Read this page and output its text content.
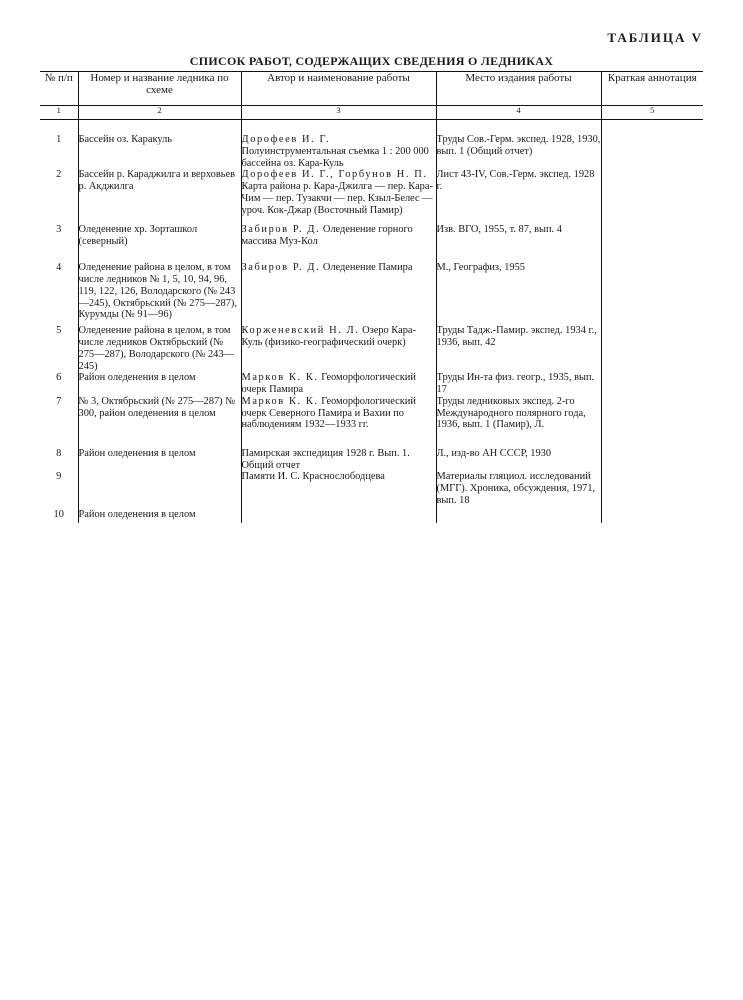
ТАБЛИЦА V
СПИСОК РАБОТ, СОДЕРЖАЩИХ СВЕДЕНИЯ О ЛЕДНИКАХ
№ п/п	Номер и название ледника по схеме	Автор и наименование работы	Место издания работы	Краткая аннотация
1	2	3	4	5

1	Бассейн оз. Каракуль	Дорофеев И. Г. Полуинструментальная съемка 1 : 200 000 бассейна оз. Кара-Куль	Труды Сов.-Герм. экспед. 1928, 1930, вып. 1 (Общий отчет)	
2	Бассейн р. Караджилга и верховьев р. Акджилга	Дорофеев И. Г., Горбунов Н. П. Карта района р. Кара-Джилга — пер. Кара-Чим — пер. Тузакчи — пер. Кзыл-Белес — уроч. Кок-Джар (Восточный Памир)	Лист 43-IV, Сов.-Герм. экспед. 1928 г.	
3	Оледенение хр. Зорташкол (северный)	Забиров Р. Д. Оледенение горного массива Муз-Кол	Изв. ВГО, 1955, т. 87, вып. 4	
4	Оледенение района в целом, в том числе ледников № 1, 5, 10, 94, 96, 119, 122, 126, Володарского (№ 243—245), Октябрьский (№ 275—287), Курумды (№ 91—96)	Забиров Р. Д. Оледенение Памира	М., Географиз, 1955	
5	Оледенение района в целом, в том числе ледников Октябрьский (№ 275—287), Володарского (№ 243—245)	Корженевский Н. Л. Озеро Кара-Куль (физико-географический очерк)	Труды Тадж.-Памир. экспед. 1934 г., 1936, вып. 42	
6	Район оледенения в целом	Марков К. К. Геоморфологический очерк Памира	Труды Ин-та физ. геогр., 1935, вып. 17	
7	№ 3, Октябрьский (№ 275—287) № 300, район оледенения в целом	Марков К. К. Геоморфологический очерк Северного Памира и Вахии по наблюдениям 1932—1933 гг.	Труды ледниковых экспед. 2-го Международного полярного года, 1936, вып. 1 (Памир), Л.	
8	Район оледенения в целом	Памирская экспедиция 1928 г. Вып. 1. Общий отчет	Л., изд-во АН СССР, 1930	
9		Памяти И. С. Краснослободцева	Материалы гляциол. исследований (МГГ). Хроника, обсуждения, 1971, вып. 18	
10	Район оледенения в целом			
